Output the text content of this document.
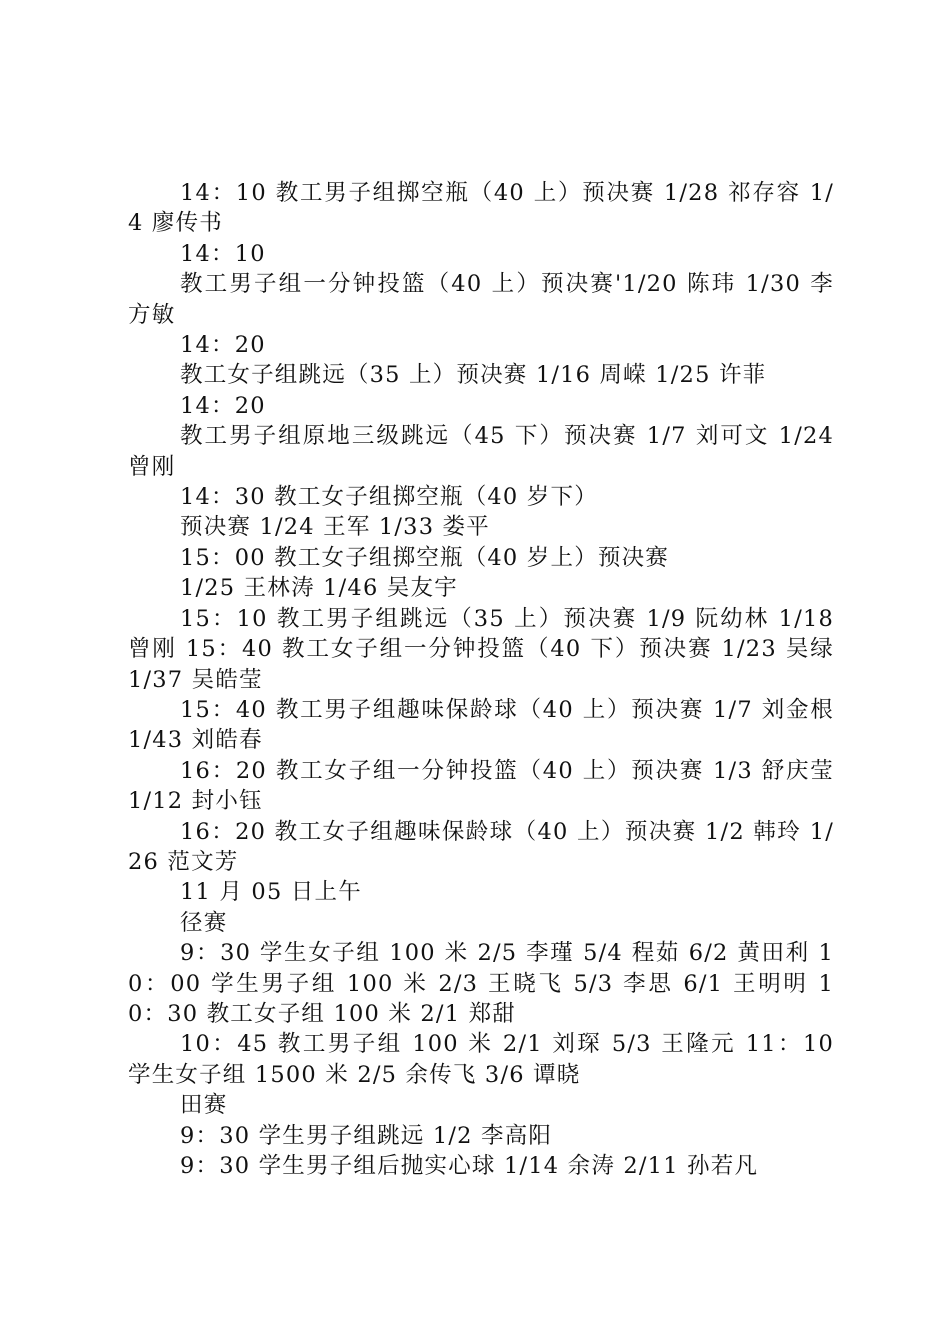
14：10 教工男子组掷空瓶（40 上）预决赛 1/28 祁存容 1/4 廖传书

14：10

教工男子组一分钟投篮（40 上）预决赛'1/20 陈玮 1/30 李方敏

14：20

教工女子组跳远（35 上）预决赛 1/16 周嵘 1/25 许菲

14：20

教工男子组原地三级跳远（45 下）预决赛 1/7 刘可文 1/24 曾刚

14：30 教工女子组掷空瓶（40 岁下）

预决赛 1/24 王军 1/33 娄平

15：00 教工女子组掷空瓶（40 岁上）预决赛

1/25 王林涛 1/46 吴友宇

15：10 教工男子组跳远（35 上）预决赛 1/9 阮幼林 1/18 曾刚 15：40 教工女子组一分钟投篮（40 下）预决赛 1/23 吴绿 1/37 吴皓莹

15：40 教工男子组趣味保龄球（40 上）预决赛 1/7 刘金根 1/43 刘皓春

16：20 教工女子组一分钟投篮（40 上）预决赛 1/3 舒庆莹 1/12 封小钰

16：20 教工女子组趣味保龄球（40 上）预决赛 1/2 韩玲 1/26 范文芳

11 月 05 日上午

径赛

9：30 学生女子组 100 米 2/5 李瑾 5/4 程茹 6/2 黄田利 10：00 学生男子组 100 米 2/3 王晓飞 5/3 李思 6/1 王明明 10：30 教工女子组 100 米 2/1 郑甜

10：45 教工男子组 100 米 2/1 刘琛 5/3 王隆元 11：10 学生女子组 1500 米 2/5 余传飞 3/6 谭晓

田赛

9：30 学生男子组跳远 1/2 李高阳

9：30 学生男子组后抛实心球 1/14 余涛 2/11 孙若凡
